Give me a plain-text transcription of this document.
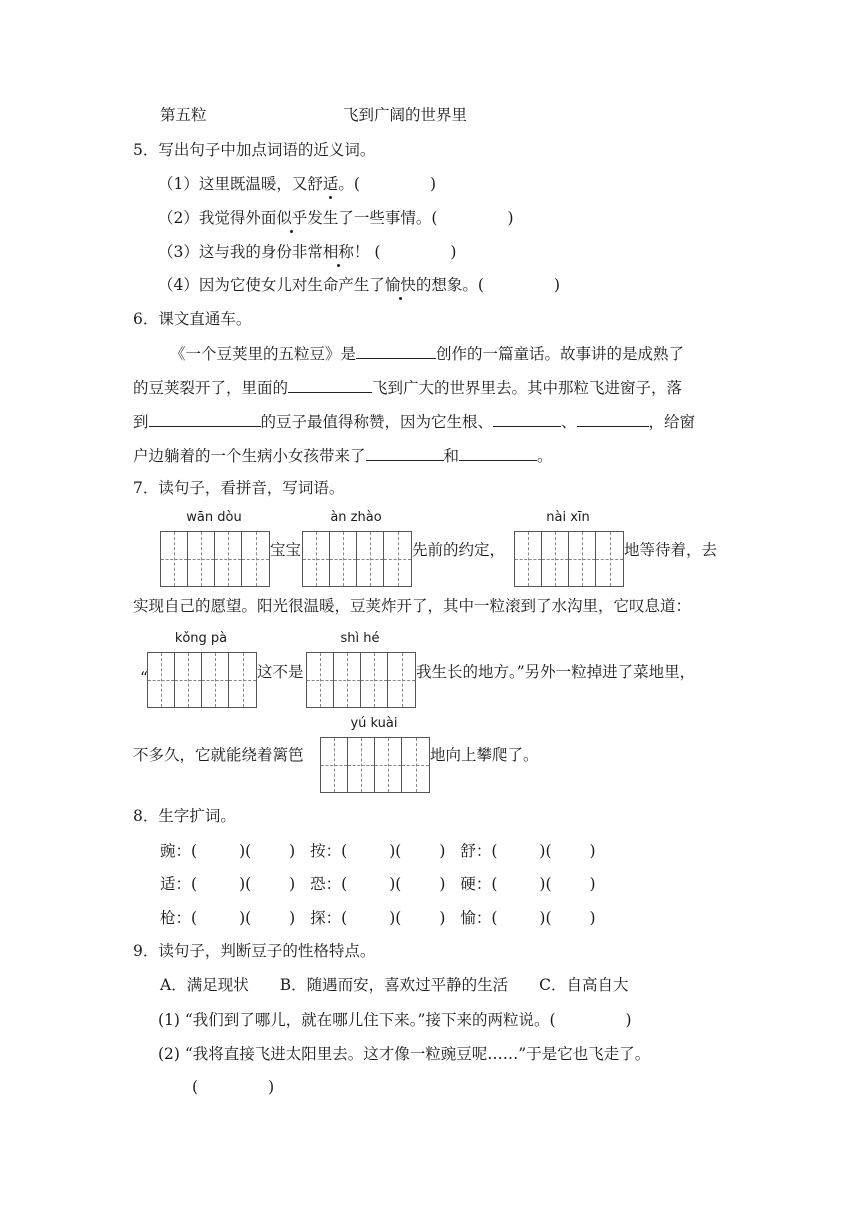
第五粒	飞到广阔的世界里
5．写出句子中加点词语的近义词。
（1）这里既温暖，又舒适。(	)
（2）我觉得外面似乎发生了一些事情。(	)
（3）这与我的身份非常相称！ (	)
（4）因为它使女儿对生命产生了愉快的想象。(	)
6．课文直通车。
《一个豆荚里的五粒豆》是	创作的一篇童话。故事讲的是成熟了
的豆荚裂开了，里面的	飞到广大的世界里去。其中那粒飞进窗子，落
到	的豆子最值得称赞，因为它生根、	、	，给窗
户边躺着的一个生病小女孩带来了	和	。
7．读句子，看拼音，写词语。
wān dòu
宝宝
àn zhào
先前的约定，
nài xīn
地等待着，去
实现自己的愿望。阳光很温暖，豆荚炸开了，其中一粒滚到了水沟里，它叹息道：
“
kǒng pà
这不是
shì hé
我生长的地方。”另外一粒掉进了菜地里，
不多久，它就能绕着篱笆
yú kuài
地向上攀爬了。
8．生字扩词。
豌：(	)( ) 按：(	)( ) 舒：(	)( )
适：(	)( ) 恐：(	)( ) 硬：(	)( )
枪：(	)( ) 探：(	)( ) 愉：(	)( )
9．读句子，判断豆子的性格特点。
A．满足现状　　B．随遇而安，喜欢过平静的生活　　C．自高自大
(1) “我们到了哪儿，就在哪儿住下来。”接下来的两粒说。(	)
(2) “我将直接飞进太阳里去。这才像一粒豌豆呢……”于是它也飞走了。
(	)
